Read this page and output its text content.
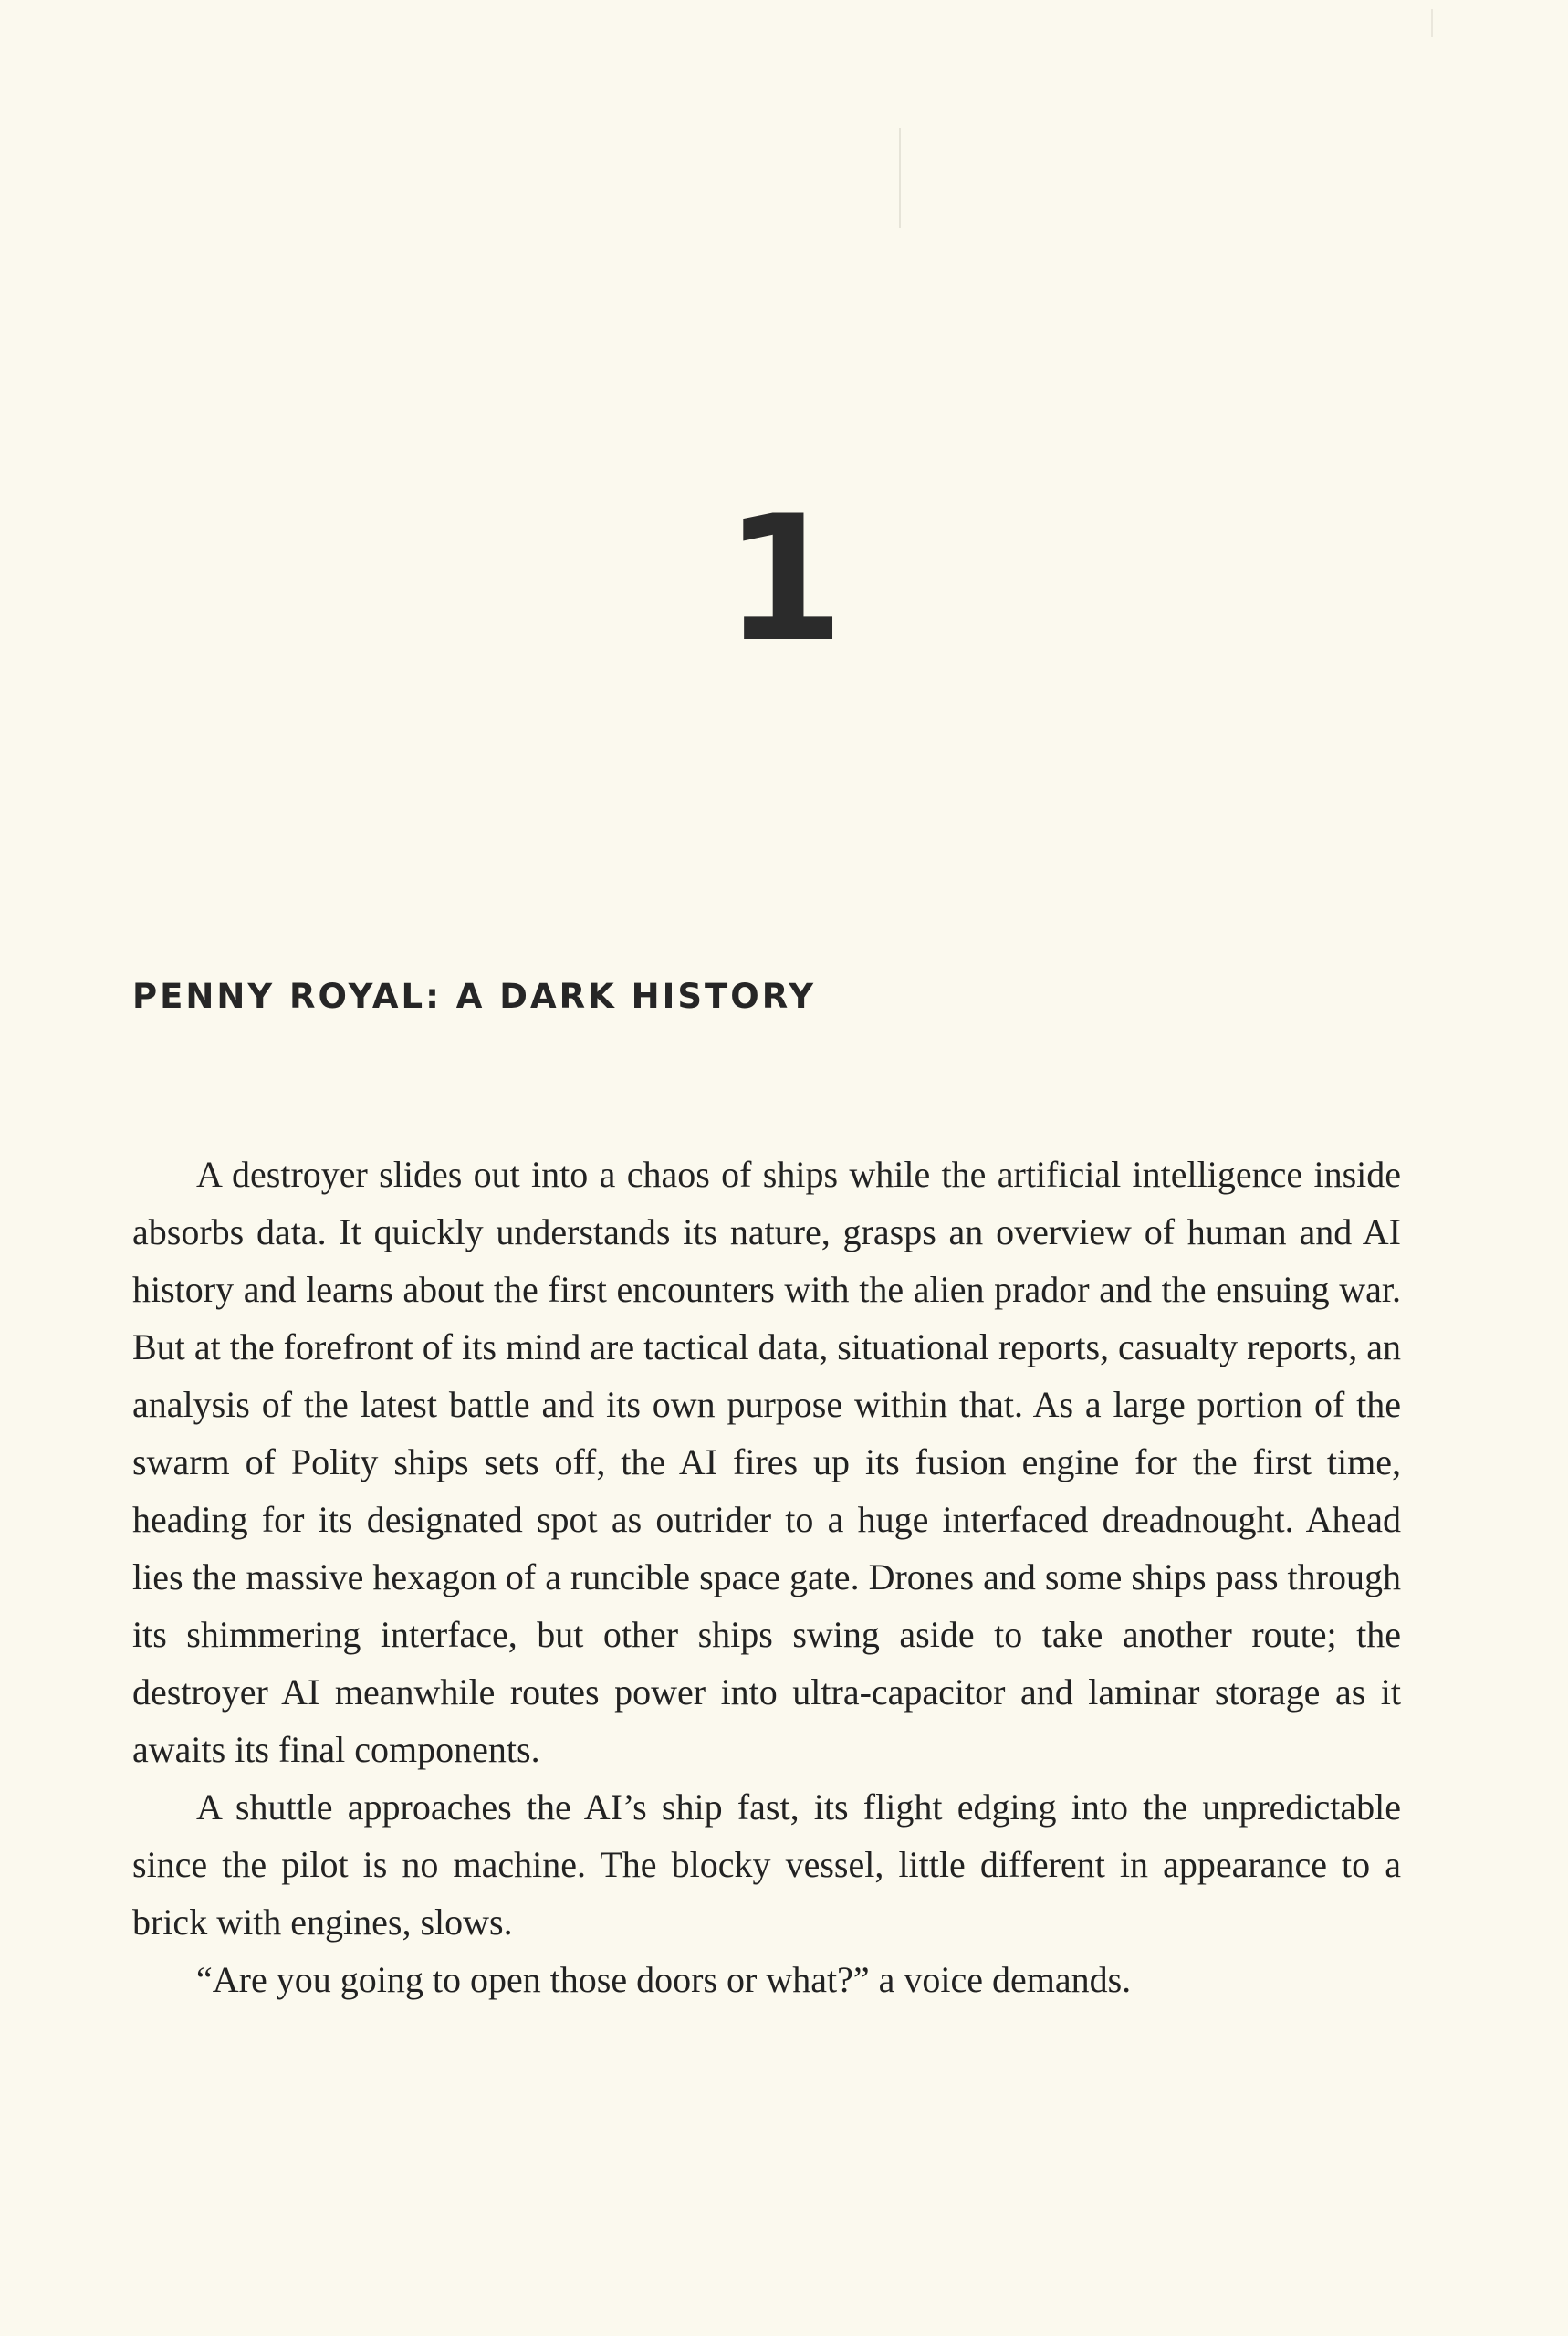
1
PENNY ROYAL: A DARK HISTORY

A destroyer slides out into a chaos of ships while the artificial intelligence inside absorbs data. It quickly understands its nature, grasps an overview of human and AI history and learns about the first encounters with the alien prador and the ensuing war. But at the forefront of its mind are tactical data, situational reports, casualty reports, an analysis of the latest battle and its own purpose within that. As a large portion of the swarm of Polity ships sets off, the AI fires up its fusion engine for the first time, heading for its designated spot as outrider to a huge interfaced dreadnought. Ahead lies the massive hexagon of a runcible space gate. Drones and some ships pass through its shimmering interface, but other ships swing aside to take another route; the destroyer AI meanwhile routes power into ultra-capacitor and laminar storage as it awaits its final components.

A shuttle approaches the AI’s ship fast, its flight edging into the unpredictable since the pilot is no machine. The blocky vessel, little different in appearance to a brick with engines, slows.

“Are you going to open those doors or what?” a voice demands.
